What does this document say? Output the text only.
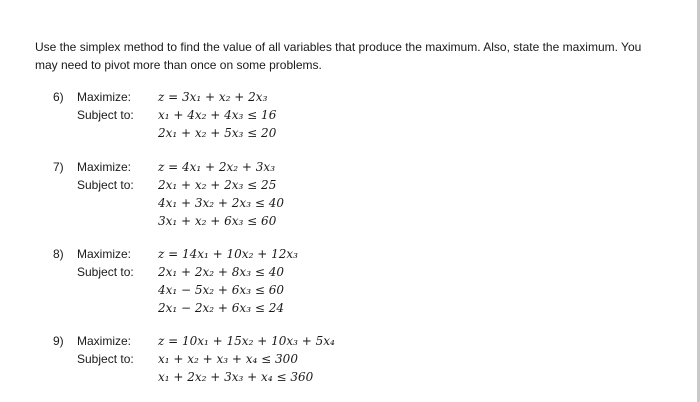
Use the simplex method to find the value of all variables that produce the maximum. Also, state the maximum. You
may need to pivot more than once on some problems.
6) Maximize: z = 3x₁ + x₂ + 2x₃
Subject to: x₁ + 4x₂ + 4x₃ ≤ 16
2x₁ + x₂ + 5x₃ ≤ 20
7) Maximize: z = 4x₁ + 2x₂ + 3x₃
Subject to: 2x₁ + x₂ + 2x₃ ≤ 25
4x₁ + 3x₂ + 2x₃ ≤ 40
3x₁ + x₂ + 6x₃ ≤ 60
8) Maximize: z = 14x₁ + 10x₂ + 12x₃
Subject to: 2x₁ + 2x₂ + 8x₃ ≤ 40
4x₁ − 5x₂ + 6x₃ ≤ 60
2x₁ − 2x₂ + 6x₃ ≤ 24
9) Maximize: z = 10x₁ + 15x₂ + 10x₃ + 5x₄
Subject to: x₁ + x₂ + x₃ + x₄ ≤ 300
x₁ + 2x₂ + 3x₃ + x₄ ≤ 360
